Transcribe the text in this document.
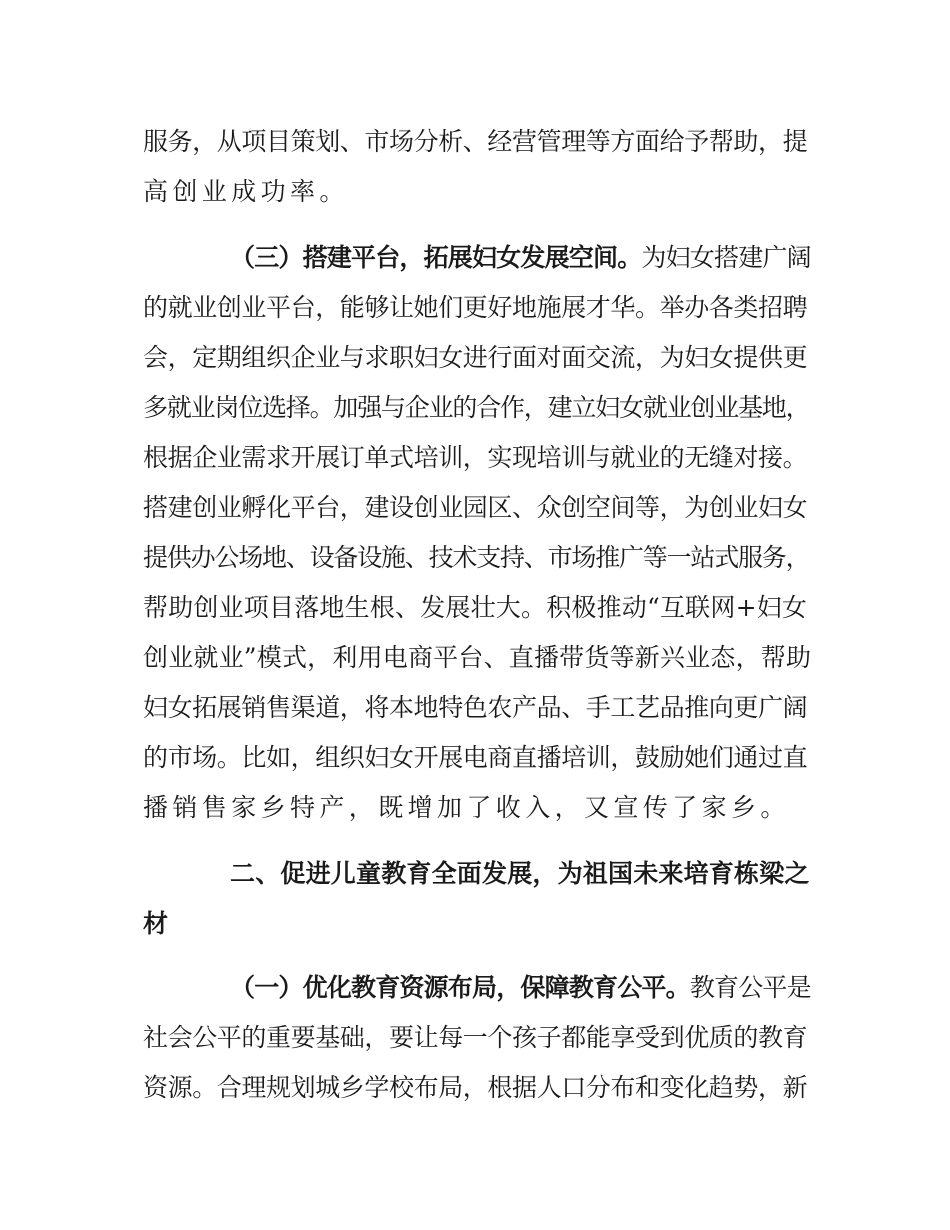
服务，从项目策划、市场分析、经营管理等方面给予帮助，提
高创业成功率。
（三）搭建平台，拓展妇女发展空间。为妇女搭建广阔
的就业创业平台，能够让她们更好地施展才华。举办各类招聘
会，定期组织企业与求职妇女进行面对面交流，为妇女提供更
多就业岗位选择。加强与企业的合作，建立妇女就业创业基地，
根据企业需求开展订单式培训，实现培训与就业的无缝对接。
搭建创业孵化平台，建设创业园区、众创空间等，为创业妇女
提供办公场地、设备设施、技术支持、市场推广等一站式服务，
帮助创业项目落地生根、发展壮大。积极推动“互联网+妇女
创业就业”模式，利用电商平台、直播带货等新兴业态，帮助
妇女拓展销售渠道，将本地特色农产品、手工艺品推向更广阔
的市场。比如，组织妇女开展电商直播培训，鼓励她们通过直
播销售家乡特产，既增加了收入，又宣传了家乡。
二、促进儿童教育全面发展，为祖国未来培育栋梁之
材
（一）优化教育资源布局，保障教育公平。教育公平是
社会公平的重要基础，要让每一个孩子都能享受到优质的教育
资源。合理规划城乡学校布局，根据人口分布和变化趋势，新
